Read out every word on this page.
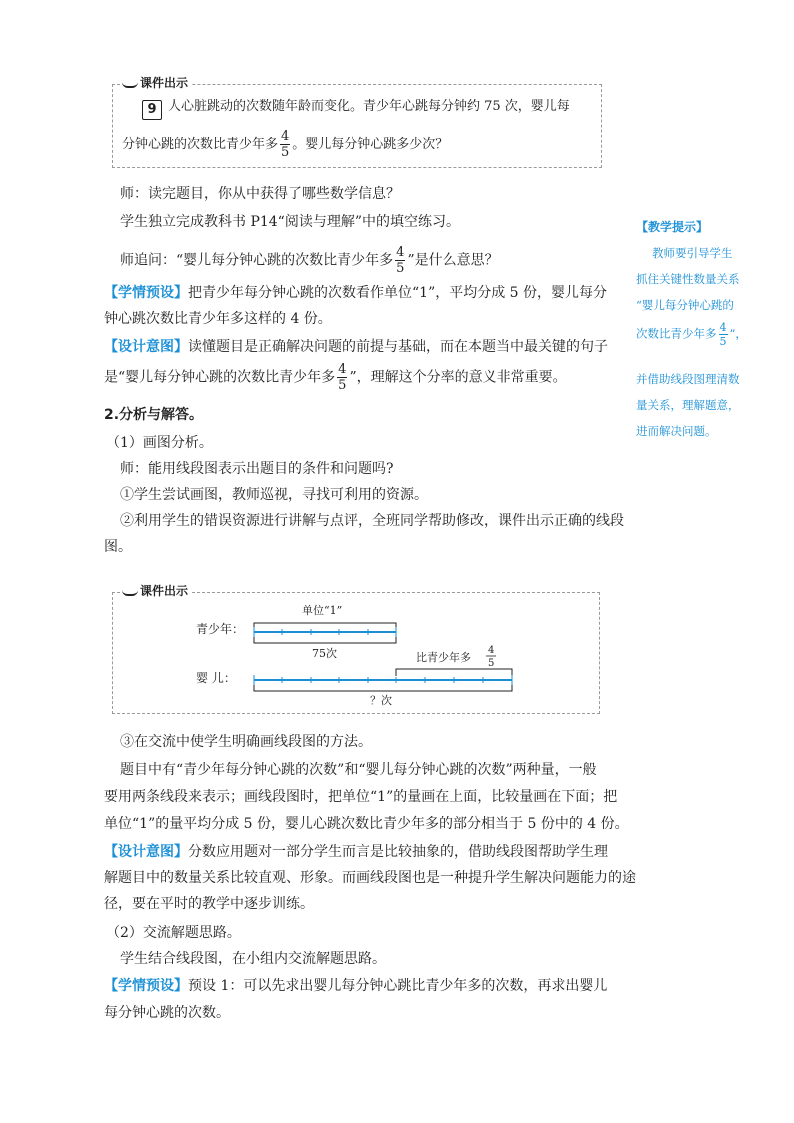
课件出示
9 人心脏跳动的次数随年龄而变化。青少年心跳每分钟约 75 次，婴儿每
分钟心跳的次数比青少年多 $\frac{4}{5}$ 。婴儿每分钟心跳多少次？
师：读完题目，你从中获得了哪些数学信息？
学生独立完成教科书 P14“阅读与理解”中的填空练习。
师追问：“婴儿每分钟心跳的次数比青少年多 $\frac{4}{5}$ ”是什么意思？
【学情预设】把青少年每分钟心跳的次数看作单位“1”，平均分成 5 份，婴儿每分
钟心跳次数比青少年多这样的 4 份。
【设计意图】读懂题目是正确解决问题的前提与基础，而在本题当中最关键的句子
是“婴儿每分钟心跳的次数比青少年多 $\frac{4}{5}$ ”，理解这个分率的意义非常重要。
2.分析与解答。
（1）画图分析。
师：能用线段图表示出题目的条件和问题吗?
①学生尝试画图，教师巡视，寻找可利用的资源。
②利用学生的错误资源进行讲解与点评，全班同学帮助修改，课件出示正确的线段
图。
课件出示
青少年：
单位“1”
75次
婴 儿：
比青少年多
4
5
？次
③在交流中使学生明确画线段图的方法。
题目中有“青少年每分钟心跳的次数”和“婴儿每分钟心跳的次数”两种量，一般
要用两条线段来表示；画线段图时，把单位“1”的量画在上面，比较量画在下面；把
单位“1”的量平均分成 5 份，婴儿心跳次数比青少年多的部分相当于 5 份中的 4 份。
【设计意图】分数应用题对一部分学生而言是比较抽象的，借助线段图帮助学生理
解题目中的数量关系比较直观、形象。而画线段图也是一种提升学生解决问题能力的途
径，要在平时的教学中逐步训练。
（2）交流解题思路。
学生结合线段图，在小组内交流解题思路。
【学情预设】预设 1：可以先求出婴儿每分钟心跳比青少年多的次数，再求出婴儿
每分钟心跳的次数。
【教学提示】
教师要引导学生
抓住关键性数量关系
“婴儿每分钟心跳的
次数比青少年多 $\frac{4}{5}$ ”，
并借助线段图理清数
量关系，理解题意，
进而解决问题。
